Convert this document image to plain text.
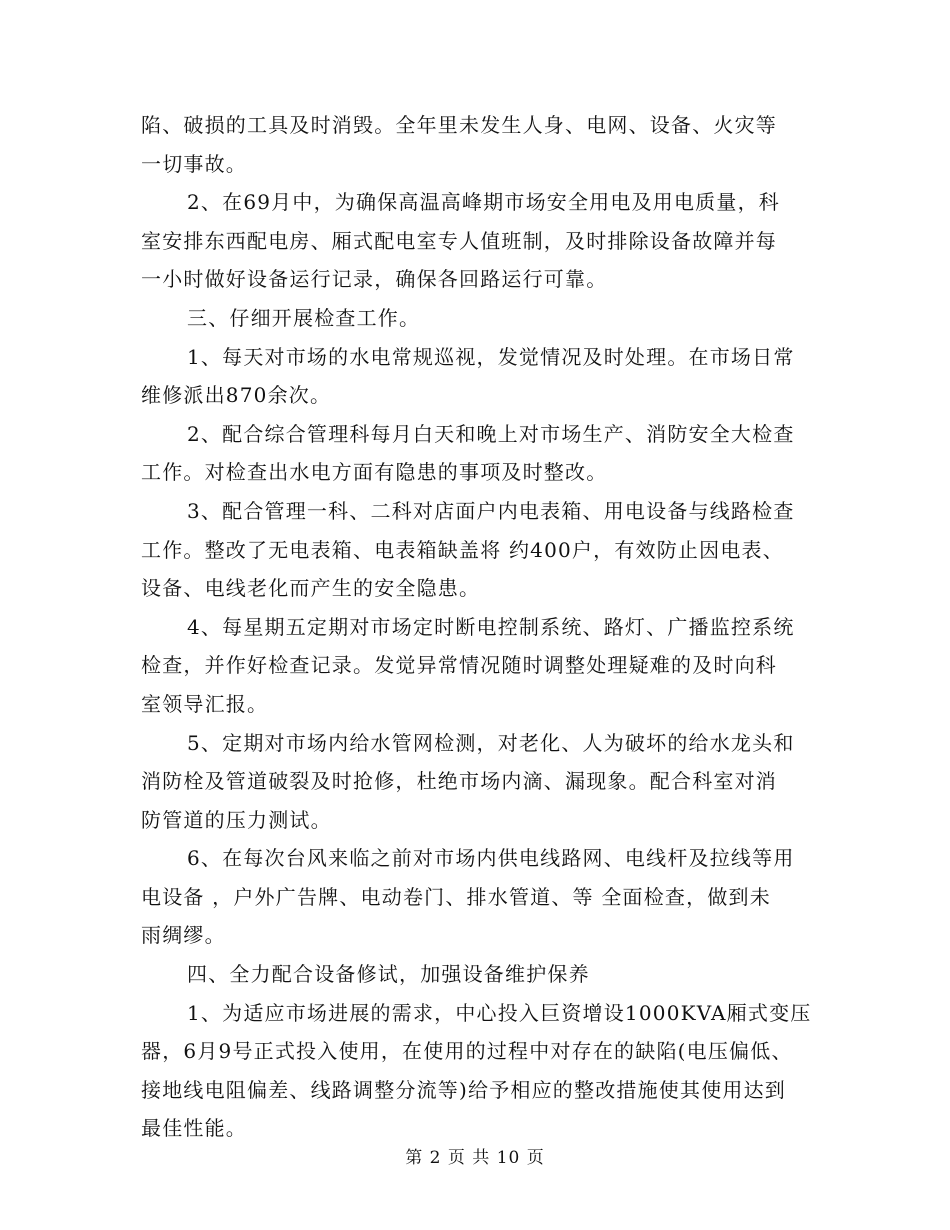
陷、破损的工具及时消毁。全年里未发生人身、电网、设备、火灾等
一切事故。
2、在69月中，为确保高温高峰期市场安全用电及用电质量，科
室安排东西配电房、厢式配电室专人值班制，及时排除设备故障并每
一小时做好设备运行记录，确保各回路运行可靠。
三、仔细开展检查工作。
1、每天对市场的水电常规巡视，发觉情况及时处理。在市场日常
维修派出870余次。
2、配合综合管理科每月白天和晚上对市场生产、消防安全大检查
工作。对检查出水电方面有隐患的事项及时整改。
3、配合管理一科、二科对店面户内电表箱、用电设备与线路检查
工作。整改了无电表箱、电表箱缺盖将 约400户，有效防止因电表、
设备、电线老化而产生的安全隐患。
4、每星期五定期对市场定时断电控制系统、路灯、广播监控系统
检查，并作好检查记录。发觉异常情况随时调整处理疑难的及时向科
室领导汇报。
5、定期对市场内给水管网检测，对老化、人为破坏的给水龙头和
消防栓及管道破裂及时抢修，杜绝市场内滴、漏现象。配合科室对消
防管道的压力测试。
6、在每次台风来临之前对市场内供电线路网、电线杆及拉线等用
电设备 ，户外广告牌、电动卷门、排水管道、等 全面检查，做到未
雨绸缪。
四、全力配合设备修试，加强设备维护保养
1、为适应市场进展的需求，中心投入巨资增设1000KVA厢式变压
器，6月9号正式投入使用，在使用的过程中对存在的缺陷(电压偏低、
接地线电阻偏差、线路调整分流等)给予相应的整改措施使其使用达到
最佳性能。
第 2 页 共 10 页
